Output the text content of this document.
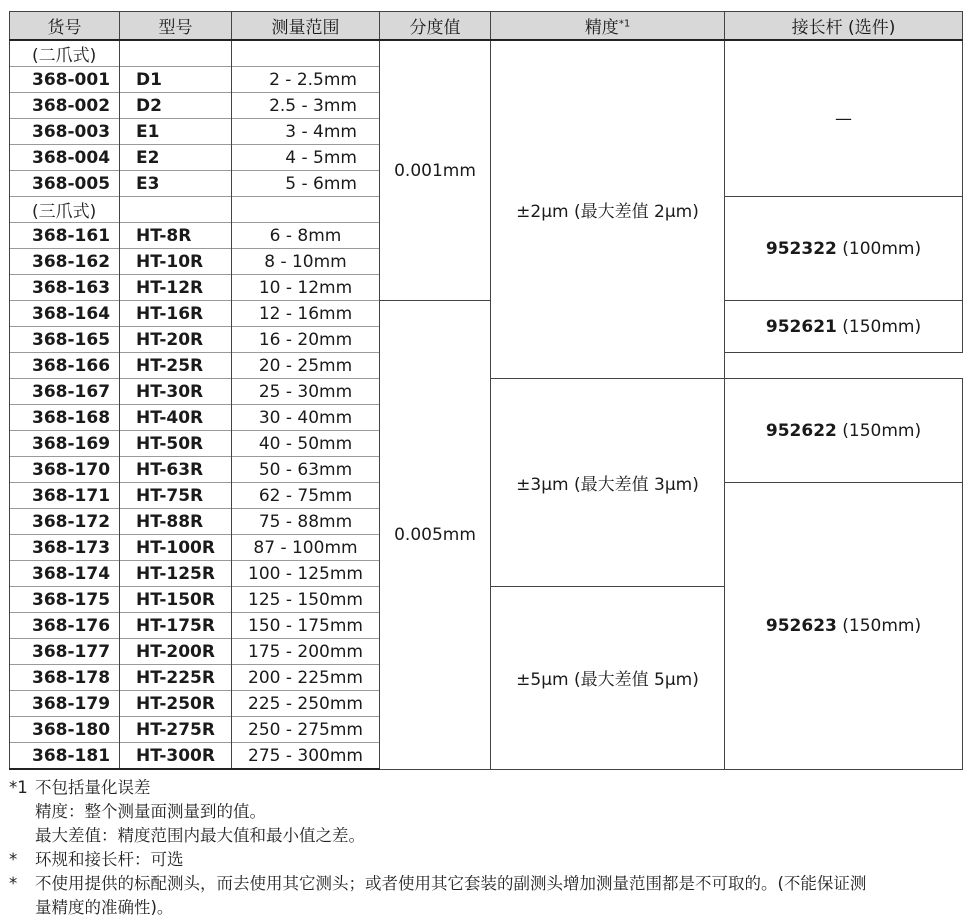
货号	型号	测量范围	分度值	精度$^{*1}$	接长杆 (选件)
(二爪式)			0.001mm	±2μm (最大差值 2μm)	—
368-001	D1	2 - 2.5mm			
368-002	D2	2.5 - 3mm			
368-003	E1	3 - 4mm			
368-004	E2	4 - 5mm			
368-005	E3	5 - 6mm			
(三爪式)					952322 (100mm)
368-161	HT-8R	6 - 8mm			
368-162	HT-10R	8 - 10mm			
368-163	HT-12R	10 - 12mm			
368-164	HT-16R	12 - 16mm	0.005mm		952621 (150mm)
368-165	HT-20R	16 - 20mm			
368-166	HT-25R	20 - 25mm			
368-167	HT-30R	25 - 30mm		±3μm (最大差值 3μm)	952622 (150mm)
368-168	HT-40R	30 - 40mm			
368-169	HT-50R	40 - 50mm			
368-170	HT-63R	50 - 63mm			
368-171	HT-75R	62 - 75mm			952623 (150mm)
368-172	HT-88R	75 - 88mm			
368-173	HT-100R	87 - 100mm			
368-174	HT-125R	100 - 125mm			
368-175	HT-150R	125 - 150mm		±5μm (最大差值 5μm)	
368-176	HT-175R	150 - 175mm			
368-177	HT-200R	175 - 200mm			
368-178	HT-225R	200 - 225mm			
368-179	HT-250R	225 - 250mm			
368-180	HT-275R	250 - 275mm			
368-181	HT-300R	275 - 300mm			
*1 不包括量化误差
精度：整个测量面测量到的值。
最大差值：精度范围内最大值和最小值之差。
*	环规和接长杆：可选
*	不使用提供的标配测头，而去使用其它测头；或者使用其它套装的副测头增加测量范围都是不可取的。(不能保证测
量精度的准确性)。
